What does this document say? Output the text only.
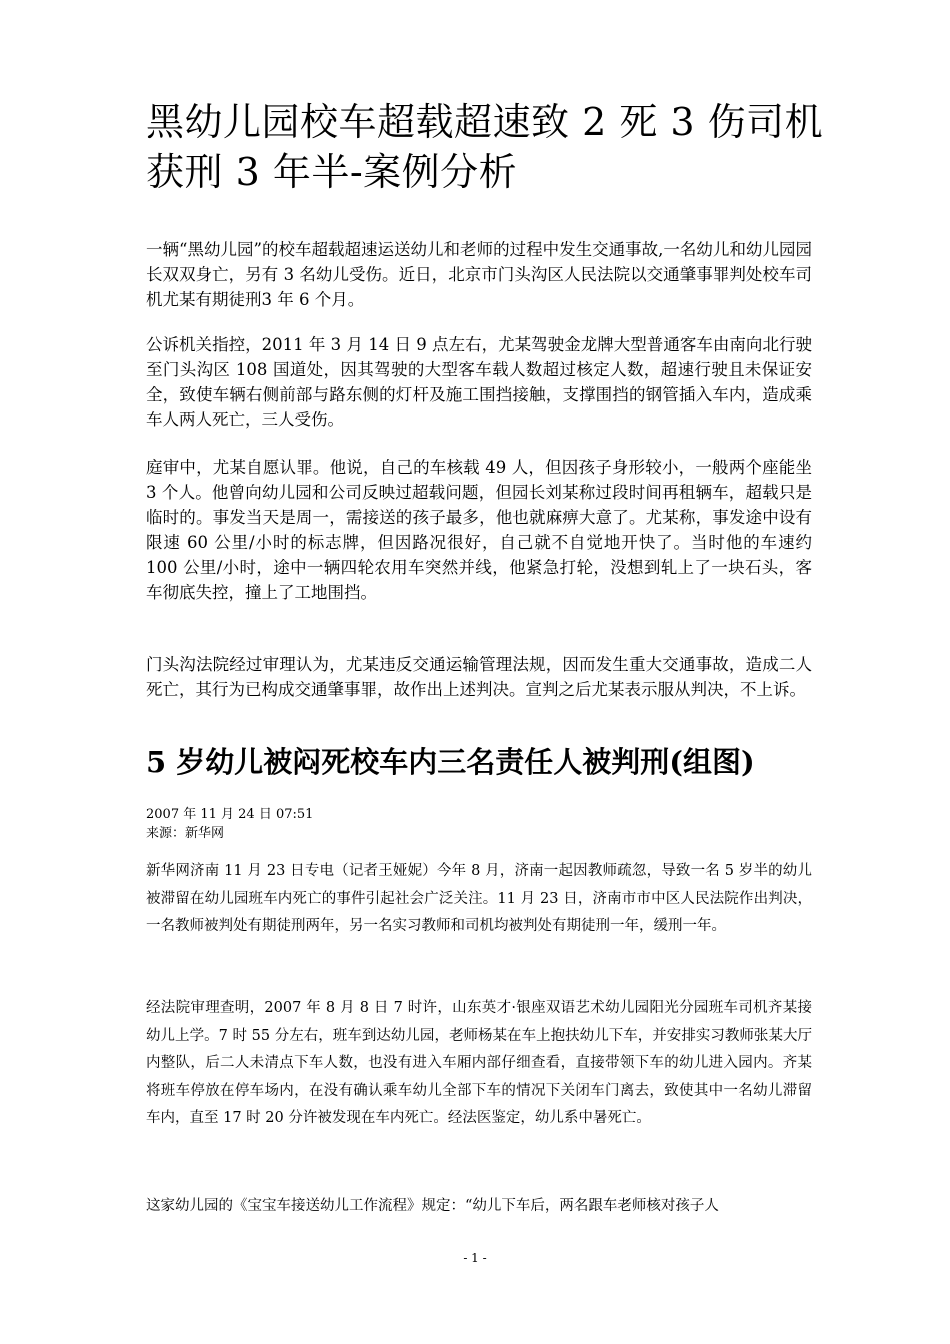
黑幼儿园校车超载超速致 2 死 3 伤司机获刑 3 年半-案例分析

一辆“黑幼儿园”的校车超载超速运送幼儿和老师的过程中发生交通事故,一名幼儿和幼儿园园长双双身亡，另有 3 名幼儿受伤。近日，北京市门头沟区人民法院以交通肇事罪判处校车司机尤某有期徒刑3 年 6 个月。

公诉机关指控，2011 年 3 月 14 日 9 点左右，尤某驾驶金龙牌大型普通客车由南向北行驶至门头沟区 108 国道处，因其驾驶的大型客车载人数超过核定人数，超速行驶且未保证安全，致使车辆右侧前部与路东侧的灯杆及施工围挡接触，支撑围挡的钢管插入车内，造成乘车人两人死亡，三人受伤。

庭审中，尤某自愿认罪。他说，自己的车核载 49 人，但因孩子身形较小，一般两个座能坐 3 个人。他曾向幼儿园和公司反映过超载问题，但园长刘某称过段时间再租辆车，超载只是临时的。事发当天是周一，需接送的孩子最多，他也就麻痹大意了。尤某称，事发途中设有限速 60 公里/小时的标志牌，但因路况很好，自己就不自觉地开快了。当时他的车速约 100 公里/小时，途中一辆四轮农用车突然并线，他紧急打轮，没想到轧上了一块石头，客车彻底失控，撞上了工地围挡。

门头沟法院经过审理认为，尤某违反交通运输管理法规，因而发生重大交通事故，造成二人死亡，其行为已构成交通肇事罪，故作出上述判决。宣判之后尤某表示服从判决，不上诉。

5 岁幼儿被闷死校车内三名责任人被判刑(组图)

2007 年 11 月 24 日 07:51

来源：新华网

新华网济南 11 月 23 日专电（记者王娅妮）今年 8 月，济南一起因教师疏忽，导致一名 5 岁半的幼儿被滞留在幼儿园班车内死亡的事件引起社会广泛关注。11 月 23 日，济南市市中区人民法院作出判决，一名教师被判处有期徒刑两年，另一名实习教师和司机均被判处有期徒刑一年，缓刑一年。

经法院审理查明，2007 年 8 月 8 日 7 时许，山东英才·银座双语艺术幼儿园阳光分园班车司机齐某接幼儿上学。7 时 55 分左右，班车到达幼儿园，老师杨某在车上抱扶幼儿下车，并安排实习教师张某大厅内整队，后二人未清点下车人数，也没有进入车厢内部仔细查看，直接带领下车的幼儿进入园内。齐某将班车停放在停车场内，在没有确认乘车幼儿全部下车的情况下关闭车门离去，致使其中一名幼儿滞留车内，直至 17 时 20 分许被发现在车内死亡。经法医鉴定，幼儿系中暑死亡。

这家幼儿园的《宝宝车接送幼儿工作流程》规定：“幼儿下车后，两名跟车老师核对孩子人

- 1 -
